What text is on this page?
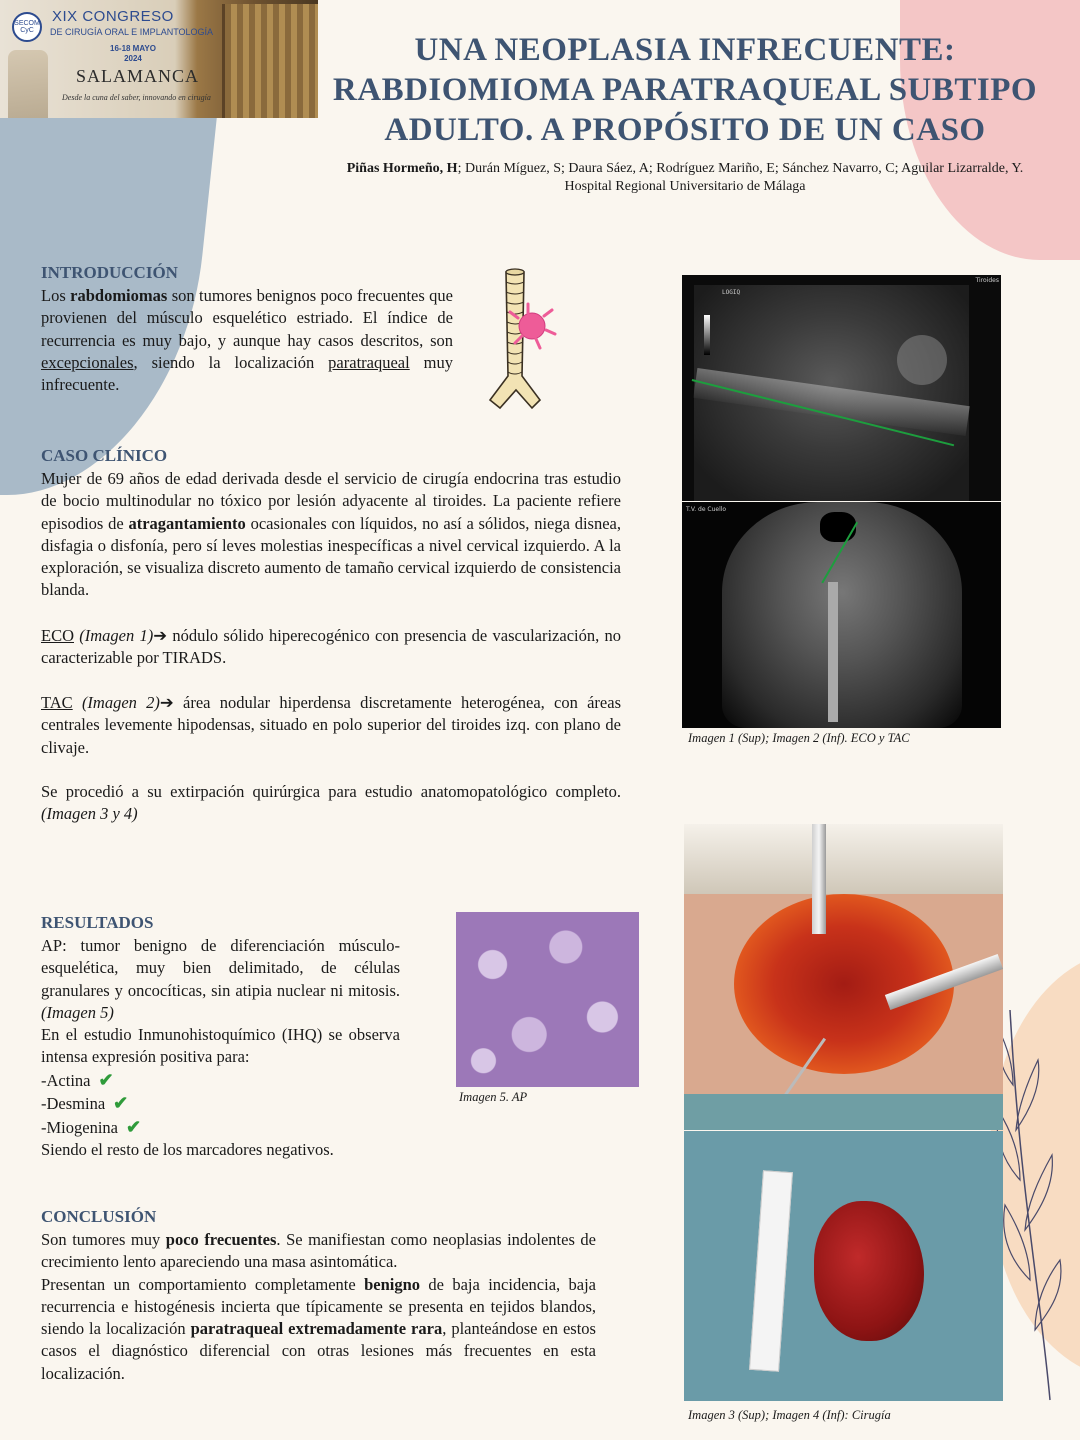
SECOM CyC
XIX CONGRESO
DE CIRUGÍA ORAL E IMPLANTOLOGÍA
16-18 MAYO
2024
SALAMANCA
Desde la cuna del saber, innovando en cirugía
UNA NEOPLASIA INFRECUENTE:
RABDIOMIOMA PARATRAQUEAL SUBTIPO
ADULTO. A PROPÓSITO DE UN CASO
Piñas Hormeño, H; Durán Míguez, S; Daura Sáez, A; Rodríguez Mariño, E; Sánchez Navarro, C; Aguilar Lizarralde, Y.
Hospital Regional Universitario de Málaga
INTRODUCCIÓN
Los rabdomiomas son tumores benignos poco frecuentes que provienen del músculo esquelético estriado. El índice de recurrencia es muy bajo, y aunque hay casos descritos, son excepcionales, siendo la localización paratraqueal muy infrecuente.
CASO CLÍNICO
Mujer de 69 años de edad derivada desde el servicio de cirugía endocrina tras estudio de bocio multinodular no tóxico por lesión adyacente al tiroides. La paciente refiere episodios de atragantamiento ocasionales con líquidos, no así a sólidos, niega disnea, disfagia o disfonía, pero sí leves molestias inespecíficas a nivel cervical izquierdo. A la exploración, se visualiza discreto aumento de tamaño cervical izquierdo de consistencia blanda.
ECO (Imagen 1)➔ nódulo sólido hiperecogénico con presencia de vascularización, no caracterizable por TIRADS.
TAC (Imagen 2)➔ área nodular hiperdensa discretamente heterogénea, con áreas centrales levemente hipodensas, situado en polo superior del tiroides izq. con plano de clivaje.
Se procedió a su extirpación quirúrgica para estudio anatomopatológico completo. (Imagen 3 y 4)
LOGIQ
Tiroides
T.V. de Cuello
Imagen 1 (Sup); Imagen 2 (Inf). ECO y TAC
Imagen 3 (Sup); Imagen 4 (Inf): Cirugía
RESULTADOS
AP: tumor benigno de diferenciación músculo-esquelética, muy bien delimitado, de células granulares y oncocíticas, sin atipia nuclear ni mitosis. (Imagen 5)
En el estudio Inmunohistoquímico (IHQ) se observa intensa expresión positiva para:
-Actina ✔
-Desmina ✔
-Miogenina ✔
Siendo el resto de los marcadores negativos.
Imagen 5. AP
CONCLUSIÓN
Son tumores muy poco frecuentes. Se manifiestan como neoplasias indolentes de crecimiento lento apareciendo una masa asintomática.
Presentan un comportamiento completamente benigno de baja incidencia, baja recurrencia e histogénesis incierta que típicamente se presenta en tejidos blandos, siendo la localización paratraqueal extremadamente rara, planteándose en estos casos el diagnóstico diferencial con otras lesiones más frecuentes en esta localización.
